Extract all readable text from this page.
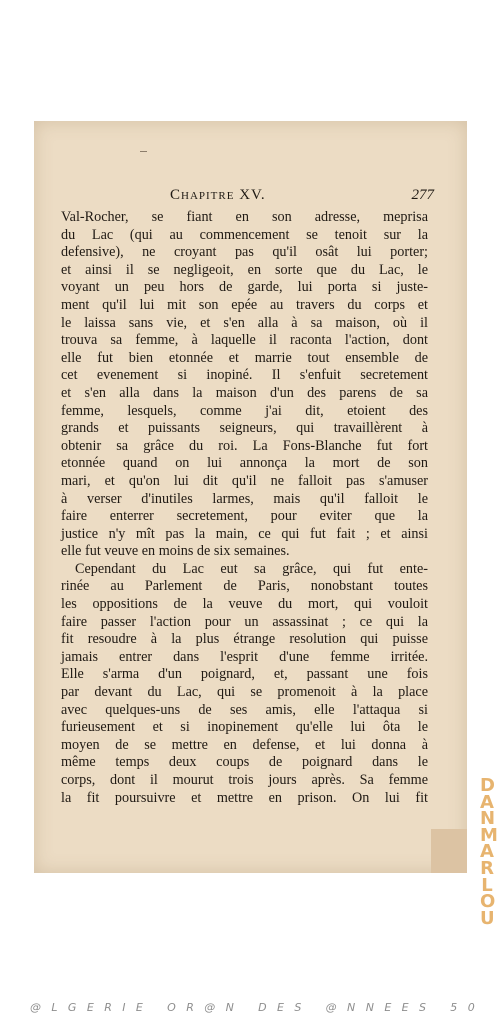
Chapitre XV.	277
Val-Rocher, se fiant en son adresse, meprisa
du Lac (qui au commencement se tenoit sur la
defensive), ne croyant pas qu'il osât lui porter;
et ainsi il se negligeoit, en sorte que du Lac, le
voyant un peu hors de garde, lui porta si juste-
ment qu'il lui mit son epée au travers du corps et
le laissa sans vie, et s'en alla à sa maison, où il
trouva sa femme, à laquelle il raconta l'action, dont
elle fut bien etonnée et marrie tout ensemble de
cet evenement si inopiné. Il s'enfuit secretement
et s'en alla dans la maison d'un des parens de sa
femme, lesquels, comme j'ai dit, etoient des
grands et puissants seigneurs, qui travaillèrent à
obtenir sa grâce du roi. La Fons-Blanche fut fort
etonnée quand on lui annonça la mort de son
mari, et qu'on lui dit qu'il ne falloit pas s'amuser
à verser d'inutiles larmes, mais qu'il falloit le
faire enterrer secretement, pour eviter que la
justice n'y mît pas la main, ce qui fut fait ; et ainsi
elle fut veuve en moins de six semaines.
Cependant du Lac eut sa grâce, qui fut ente-
rinée au Parlement de Paris, nonobstant toutes
les oppositions de la veuve du mort, qui vouloit
faire passer l'action pour un assassinat ; ce qui la
fit resoudre à la plus étrange resolution qui puisse
jamais entrer dans l'esprit d'une femme irritée.
Elle s'arma d'un poignard, et, passant une fois
par devant du Lac, qui se promenoit à la place
avec quelques-uns de ses amis, elle l'attaqua si
furieusement et si inopinement qu'elle lui ôta le
moyen de se mettre en defense, et lui donna à
même temps deux coups de poignard dans le
corps, dont il mourut trois jours après. Sa femme
la fit poursuivre et mettre en prison. On lui fit
D
A
N
M
A
R
L
O
U
@LGERIE OR@N DES @NNEES 50
